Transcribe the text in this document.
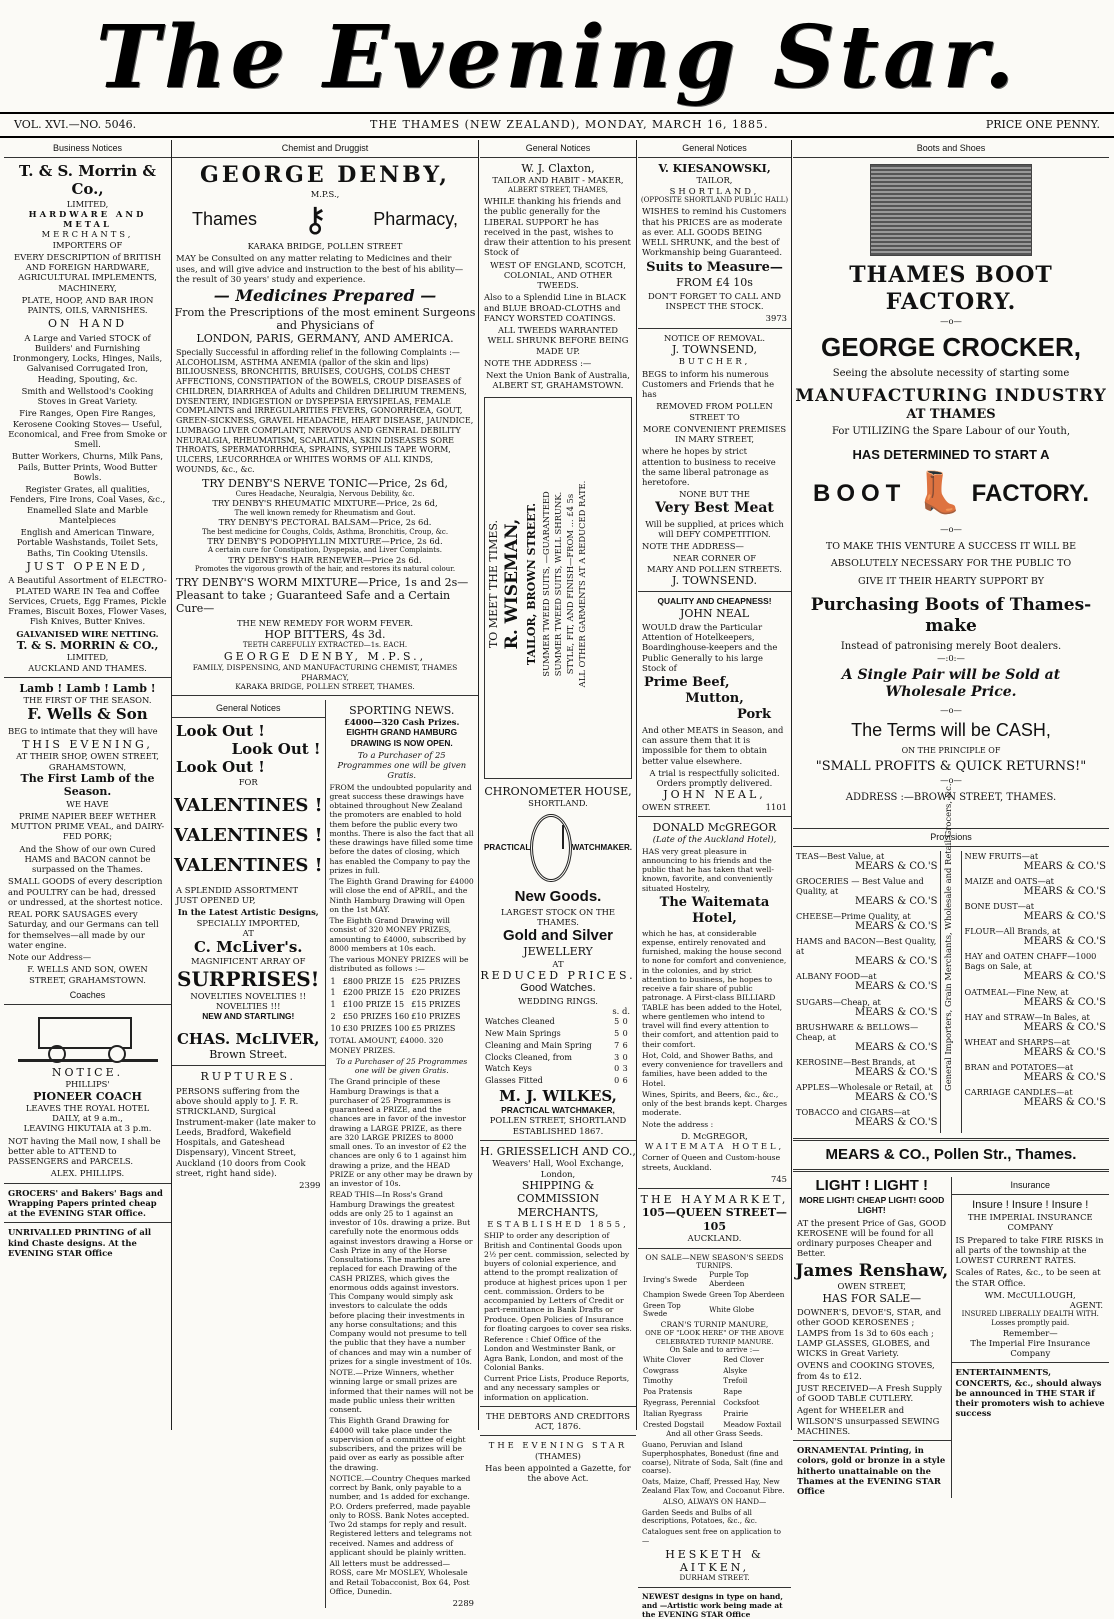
The Evening Star.
VOL. XVI.—NO. 5046.	THE THAMES (NEW ZEALAND), MONDAY, MARCH 16, 1885.	PRICE ONE PENNY.
Business Notices
T. & S. Morrin & Co.,
LIMITED,
HARDWARE AND METAL
MERCHANTS,
IMPORTERS OF

EVERY DESCRIPTION of BRITISH AND FOREIGN HARDWARE, AGRICULTURAL IMPLEMENTS, MACHINERY,

PLATE, HOOP, AND BAR IRON PAINTS, OILS, VARNISHES.

ON HAND

A Large and Varied STOCK of Builders' and Furnishing Ironmongery, Locks, Hinges, Nails, Galvanised Corrugated Iron, Heading, Spouting, &c.

Smith and Wellstood's Cooking Stoves in Great Variety.

Fire Ranges, Open Fire Ranges, Kerosene Cooking Stoves— Useful, Economical, and Free from Smoke or Smell.

Butter Workers, Churns, Milk Pans, Pails, Butter Prints, Wood Butter Bowls.

Register Grates, all qualities, Fenders, Fire Irons, Coal Vases, &c., Enamelled Slate and Marble Mantelpieces

English and American Tinware, Portable Washstands, Toilet Sets, Baths, Tin Cooking Utensils.

JUST OPENED,

A Beautiful Assortment of ELECTRO-PLATED WARE IN Tea and Coffee Services, Cruets, Egg Frames, Pickle Frames, Biscuit Boxes, Flower Vases, Fish Knives, Butter Knives.

GALVANISED WIRE NETTING.
T. & S. MORRIN & CO.,
LIMITED,
AUCKLAND AND THAMES.
Lamb ! Lamb ! Lamb !
THE FIRST OF THE SEASON.
F. Wells & Son

BEG to intimate that they will have

THIS EVENING,
AT THEIR SHOP, OWEN STREET, GRAHAMSTOWN,
The First Lamb of the Season.
WE HAVE

PRIME NAPIER BEEF WETHER MUTTON PRIME VEAL, and DAIRY-FED PORK;

And the Show of our own Cured HAMS and BACON cannot be surpassed on the Thames.

SMALL GOODS of every description and POULTRY can be had, dressed or undressed, at the shortest notice.

REAL PORK SAUSAGES every Saturday, and our Germans can tell for themselves—all made by our water engine.

Note our Address—

F. WELLS AND SON, OWEN STREET, GRAHAMSTOWN.

Coaches
NOTICE.
PHILLIPS'
PIONEER COACH
LEAVES THE ROYAL HOTEL
DAILY, at 9 a.m.,
LEAVING HIKUTAIA at 3 p.m.

NOT having the Mail now, I shall be better able to ATTEND to PASSENGERS and PARCELS.

ALEX. PHILLIPS.

GROCERS' and Bakers' Bags and Wrapping Papers printed cheap at the EVENING STAR Office.

UNRIVALLED PRINTING of all kind Chaste designs. At the EVENING STAR Office

Chemist and Druggist
GEORGE DENBY,
M.P.S.,
Thames ⚷	Pharmacy,
KARAKA BRIDGE, POLLEN STREET

MAY be Consulted on any matter relating to Medicines and their uses, and will give advice and instruction to the best of his ability—the result of 30 years' study and experience.

— Medicines Prepared —
From the Prescriptions of the most eminent Surgeons and Physicians of
LONDON, PARIS, GERMANY, AND AMERICA.

Specially Successful in affording relief in the following Complaints :— ALCOHOLISM, ASTHMA ANEMIA (pallor of the skin and lips) BILIOUSNESS, BRONCHITIS, BRUISES, COUGHS, COLDS CHEST AFFECTIONS, CONSTIPATION of the BOWELS, CROUP DISEASES of CHILDREN, DIARRHŒA of Adults and Children DELIRIUM TREMENS, DYSENTERY, INDIGESTION or DYSPEPSIA ERYSIPELAS, FEMALE COMPLAINTS and IRREGULARITIES FEVERS, GONORRHŒA, GOUT, GREEN-SICKNESS, GRAVEL HEADACHE, HEART DISEASE, JAUNDICE, LUMBAGO LIVER COMPLAINT, NERVOUS AND GENERAL DEBILITY NEURALGIA, RHEUMATISM, SCARLATINA, SKIN DISEASES SORE THROATS, SPERMATORRHŒA, SPRAINS, SYPHILIS TAPE WORM, ULCERS, LEUCORRHŒA or WHITES WORMS OF ALL KINDS, WOUNDS, &c., &c.

TRY DENBY'S NERVE TONIC—Price, 2s 6d,
Cures Headache, Neuralgia, Nervous Debility, &c.
TRY DENBY'S RHEUMATIC MIXTURE—Price, 2s 6d,
The well known remedy for Rheumatism and Gout.
TRY DENBY'S PECTORAL BALSAM—Price, 2s 6d.
The best medicine for Coughs, Colds, Asthma, Bronchitis, Croup, &c.
TRY DENBY'S PODOPHYLLIN MIXTURE—Price, 2s 6d.
A certain cure for Constipation, Dyspepsia, and Liver Complaints.
TRY DENBY'S HAIR RENEWER—Price 2s 6d.
Promotes the vigorous growth of the hair, and restores its natural colour.

TRY DENBY'S WORM MIXTURE—Price, 1s and 2s—Pleasant to take ; Guaranteed Safe and a Certain Cure—

THE NEW REMEDY FOR WORM FEVER.
HOP BITTERS, 4s 3d.
TEETH CAREFULLY EXTRACTED—1s. EACH.
GEORGE DENBY, M.P.S.,
FAMILY, DISPENSING, AND MANUFACTURING CHEMIST, THAMES PHARMACY,
KARAKA BRIDGE, POLLEN STREET, THAMES.
General Notices
Look Out !
Look Out !
Look Out !
FOR
VALENTINES !
VALENTINES !
VALENTINES !

A SPLENDID ASSORTMENT JUST OPENED UP,

In the Latest Artistic Designs,
SPECIALLY IMPORTED,
AT
C. McLiver's.
MAGNIFICENT ARRAY OF
SURPRISES!
NOVELTIES NOVELTIES !!
NOVELTIES !!!
NEW AND STARTLING!
CHAS. McLIVER,
Brown Street.
RUPTURES.

PERSONS suffering from the above should apply to J. F. R. STRICKLAND, Surgical Instrument-maker (late maker to Leeds, Bradford, Wakefield Hospitals, and Gateshead Dispensary), Vincent Street, Auckland (10 doors from Cook street, right hand side).

2399
SPORTING NEWS.
£4000—320 Cash Prizes.
EIGHTH GRAND HAMBURG DRAWING IS NOW OPEN.

To a Purchaser of 25 Programmes one will be given Gratis.

FROM the undoubted popularity and great success these drawings have obtained throughout New Zealand the promoters are enabled to hold them before the public every two months. There is also the fact that all these drawings have filled some time before the dates of closing, which has enabled the Company to pay the prizes in full.

The Eighth Grand Drawing for £4000 will close the end of APRIL, and the Ninth Hamburg Drawing will Open on the 1st MAY.

The Eighth Grand Drawing will consist of 320 MONEY PRIZES, amounting to £4000, subscribed by 8000 members at 10s each.

The various MONEY PRIZES will be distributed as follows :—

1	£800 PRIZE	15	£25 PRIZES
1	£200 PRIZE	15	£20 PRIZES
1	£100 PRIZE	15	£15 PRIZES
2	£50 PRIZES	160	£10 PRIZES
10	£30 PRIZES	100	£5 PRIZES

TOTAL AMOUNT, £4000. 320 MONEY PRIZES.

To a Purchaser of 25 Programmes one will be given Gratis.

The Grand principle of these Hamburg Drawings is that a purchaser of 25 Programmes is guaranteed a PRIZE, and the chances are in favor of the investor drawing a LARGE PRIZE, as there are 320 LARGE PRIZES to 8000 small ones. To an investor of £2 the chances are only 6 to 1 against him drawing a prize, and the HEAD PRIZE or any other may be drawn by an investor of 10s.

READ THIS—In Ross's Grand Hamburg Drawings the greatest odds are only 25 to 1 against an investor of 10s. drawing a prize. But carefully note the enormous odds against investors drawing a Horse or Cash Prize in any of the Horse Consultations. The marbles are replaced for each Drawing of the CASH PRIZES, which gives the enormous odds against investors. This Company would simply ask investors to calculate the odds before placing their investments in any horse consultations; and this Company would not presume to tell the public that they have a number of chances and may win a number of prizes for a single investment of 10s.

NOTE.—Prize Winners, whether winning large or small prizes are informed that their names will not be made public unless their written consent.

This Eighth Grand Drawing for £4000 will take place under the supervision of a committee of eight subscribers, and the prizes will be paid over as early as possible after the drawing.

NOTICE.—Country Cheques marked correct by Bank, only payable to a number, and 1s added for exchange. P.O. Orders preferred, made payable only to ROSS. Bank Notes accepted. Two 2d stamps for reply and result. Registered letters and telegrams not received. Names and address of applicant should be plainly written.

All letters must be addressed—ROSS, care Mr MOSLEY, Wholesale and Retail Tobacconist, Box 64, Post Office, Dunedin.

2289
General Notices
W. J. Claxton,
TAILOR AND HABIT - MAKER,
ALBERT STREET, THAMES,

WHILE thanking his friends and the public generally for the LIBERAL SUPPORT he has received in the past, wishes to draw their attention to his present Stock of

WEST OF ENGLAND, SCOTCH, COLONIAL, AND OTHER TWEEDS.

Also to a Splendid Line in BLACK and BLUE BROAD-CLOTHS and FANCY WORSTED COATINGS.

ALL TWEEDS WARRANTED WELL SHRUNK BEFORE BEING MADE UP.

NOTE THE ADDRESS :—

Next the Union Bank of Australia, ALBERT ST, GRAHAMSTOWN.

TO MEET THE TIMES. R. WISEMAN, TAILOR, BROWN STREET. SUMMER TWEED SUITS, —GUARANTEED SUMMER TWEED SUITS, WELL SHRUNK. STYLE, FIT, AND FINISH—FROM ... £4 5s ALL OTHER GARMENTS AT A REDUCED RATE.

CHRONOMETER HOUSE,
SHORTLAND.
PRACTICAL	WATCHMAKER.
New Goods.
LARGEST STOCK ON THE THAMES.
Gold and Silver
JEWELLERY
AT
REDUCED PRICES.
Good Watches.
WEDDING RINGS.
s. d.
Watches Cleaned	5	0
New Main Springs	5	0
Cleaning and Main Spring	7	6
Clocks Cleaned, from	3	0
Watch Keys	0	3
Glasses Fitted	0	6
M. J. WILKES,
PRACTICAL WATCHMAKER,
POLLEN STREET, SHORTLAND
ESTABLISHED 1867.
H. GRIESSELICH AND CO.,
Weavers' Hall, Wool Exchange, London,
SHIPPING & COMMISSION
MERCHANTS,
ESTABLISHED 1855,

SHIP to order any description of British and Continental Goods upon 2½ per cent. commission, selected by buyers of colonial experience, and attend to the prompt realization of produce at highest prices upon 1 per cent. commission. Orders to be accompanied by Letters of Credit or part-remittance in Bank Drafts or Produce. Open Policies of Insurance for floating cargoes to cover sea risks.

Reference : Chief Office of the London and Westminster Bank, or Agra Bank, London, and most of the Colonial Banks.

Current Price Lists, Produce Reports, and any necessary samples or information on application.

THE DEBTORS AND CREDITORS ACT, 1876.
THE EVENING STAR
(THAMES)

Has been appointed a Gazette, for the above Act.

General Notices
V. KIESANOWSKI,
TAILOR,
SHORTLAND,
(OPPOSITE SHORTLAND PUBLIC HALL)

WISHES to remind his Customers that his PRICES are as moderate as ever. ALL GOODS BEING WELL SHRUNK, and the best of Workmanship being Guaranteed.

Suits to Measure—
FROM £4 10s

DON'T FORGET TO CALL AND INSPECT THE STOCK.

3973
NOTICE OF REMOVAL.
J. TOWNSEND,
BUTCHER,

BEGS to inform his numerous Customers and Friends that he has

REMOVED FROM POLLEN STREET TO

MORE CONVENIENT PREMISES IN MARY STREET,

where he hopes by strict attention to business to receive the same liberal patronage as heretofore.

NONE BUT THE
Very Best Meat

Will be supplied, at prices which will DEFY COMPETITION.

NOTE THE ADDRESS—

NEAR CORNER OF
MARY AND POLLEN STREETS.
J. TOWNSEND.
QUALITY AND CHEAPNESS!
JOHN NEAL

WOULD draw the Particular Attention of Hotelkeepers, Boardinghouse-keepers and the Public Generally to his large Stock of

Prime Beef,
Mutton,
Pork

And other MEATS in Season, and can assure them that it is impossible for them to obtain better value elsewhere.

A trial is respectfully solicited.
Orders promptly delivered.
JOHN NEAL,
OWEN STREET.	1101
DONALD McGREGOR
(Late of the Auckland Hotel),

HAS very great pleasure in announcing to his friends and the public that he has taken that well-known, favorite, and conveniently situated Hostelry,

The Waitemata Hotel,

which he has, at considerable expense, entirely renovated and furnished, making the house second to none for comfort and convenience, in the colonies, and by strict attention to business, he hopes to receive a fair share of public patronage. A First-class BILLIARD TABLE has been added to the Hotel, where gentlemen who intend to travel will find every attention to their comfort, and attention paid to their comfort.

Hot, Cold, and Shower Baths, and every convenience for travellers and families, have been added to the Hotel.

Wines, Spirits, and Beers, &c., &c., only of the best brands kept. Charges moderate.

Note the address :

D. McGREGOR,
WAITEMATA HOTEL,

Corner of Queen and Custom-house streets, Auckland.

745
THE HAYMARKET,
105—QUEEN STREET—105
AUCKLAND.
ON SALE—NEW SEASON'S SEEDS
TURNIPS.
Irving's Swede	Purple Top Aberdeen
Champion Swede	Green Top Aberdeen
Green Top Swede	White Globe
CRAN'S TURNIP MANURE,
ONE OF "LOOK HERE" OF THE ABOVE CELEBRATED TURNIP MANURE.
On Sale and to arrive :—
White Clover	Red Clover
Cowgrass	Alsyke
Timothy	Trefoil
Poa Pratensis	Rape
Ryegrass, Perennial	Cocksfoot
Italian Ryegrass	Prairie
Crested Dogstail	Meadow Foxtail
And all other Grass Seeds.

Guano, Peruvian and Island Superphosphates, Bonedust (fine and coarse), Nitrate of Soda, Salt (fine and coarse).

Oats, Maize, Chaff, Pressed Hay, New Zealand Flax Tow, and Cocoanut Fibre.

ALSO, ALWAYS ON HAND—

Garden Seeds and Bulbs of all descriptions, Potatoes, &c., &c.

Catalogues sent free on application to—

HESKETH & AITKEN,
DURHAM STREET.

NEWEST designs in type on hand, and —Artistic work being made at the EVENING STAR Office

Boots and Shoes
THAMES BOOT FACTORY.
—o—
GEORGE CROCKER,
Seeing the absolute necessity of starting some
MANUFACTURING INDUSTRY
AT THAMES
For UTILIZING the Spare Labour of our Youth,
HAS DETERMINED TO START A
BOOT 👢 FACTORY.
—o—
TO MAKE THIS VENTURE A SUCCESS IT WILL BE
ABSOLUTELY NECESSARY FOR THE PUBLIC TO
GIVE IT THEIR HEARTY SUPPORT BY
Purchasing Boots of Thames-make
Instead of patronising merely Boot dealers.
—:0:—
A Single Pair will be Sold at Wholesale Price.
—o—
The Terms will be CASH,
ON THE PRINCIPLE OF
"SMALL PROFITS & QUICK RETURNS!"
—o—
ADDRESS :—BROWN STREET, THAMES.
Provisions
TEAS—Best Value, at
MEARS & CO.'S
GROCERIES — Best Value and Quality, at
MEARS & CO.'S
CHEESE—Prime Quality, at
MEARS & CO.'S
HAMS and BACON—Best Quality, at
MEARS & CO.'S
ALBANY FOOD—at
MEARS & CO.'S
SUGARS—Cheap, at
MEARS & CO.'S
BRUSHWARE & BELLOWS—Cheap, at
MEARS & CO.'S
KEROSINE—Best Brands, at
MEARS & CO.'S
APPLES—Wholesale or Retail, at
MEARS & CO.'S
TOBACCO and CIGARS—at
MEARS & CO.'S
General Importers, Grain Merchants, Wholesale and Retail Grocers, &c. NEW FRUITS—at
MEARS & CO.'S
MAIZE and OATS—at
MEARS & CO.'S
BONE DUST—at
MEARS & CO.'S
FLOUR—All Brands, at
MEARS & CO.'S
HAY and OATEN CHAFF—1000 Bags on Sale, at
MEARS & CO.'S
OATMEAL—Fine New, at
MEARS & CO.'S
HAY and STRAW—In Bales, at
MEARS & CO.'S
WHEAT and SHARPS—at
MEARS & CO.'S
BRAN and POTATOES—at
MEARS & CO.'S
CARRIAGE CANDLES—at
MEARS & CO.'S
MEARS & CO., Pollen Str., Thames.
LIGHT ! LIGHT !
MORE LIGHT! CHEAP LIGHT! GOOD LIGHT!

AT the present Price of Gas, GOOD KEROSENE will be found for all ordinary purposes Cheaper and Better.

James Renshaw,
OWEN STREET,
HAS FOR SALE—

DOWNER'S, DEVOE'S, STAR, and other GOOD KEROSENES ; LAMPS from 1s 3d to 60s each ; LAMP GLASSES, GLOBES, and WICKS in Great Variety.

OVENS and COOKING STOVES, from 4s to £12.

JUST RECEIVED—A Fresh Supply of GOOD TABLE CUTLERY.

Agent for WHEELER and WILSON'S unsurpassed SEWING MACHINES.

ORNAMENTAL Printing, in colors, gold or bronze in a style hitherto unattainable on the Thames at the EVENING STAR Office

Insurance
Insure ! Insure ! Insure !
THE IMPERIAL INSURANCE COMPANY

IS Prepared to take FIRE RISKS in all parts of the township at the LOWEST CURRENT RATES.

Scales of Rates, &c., to be seen at the STAR Office.

WM. McCULLOUGH,
AGENT.
INSURED LIBERALLY DEALTH WITH.
Losses promptly paid.
Remember—
The Imperial Fire Insurance Company

ENTERTAINMENTS, CONCERTS, &c., should always be announced in THE STAR if their promoters wish to achieve success
